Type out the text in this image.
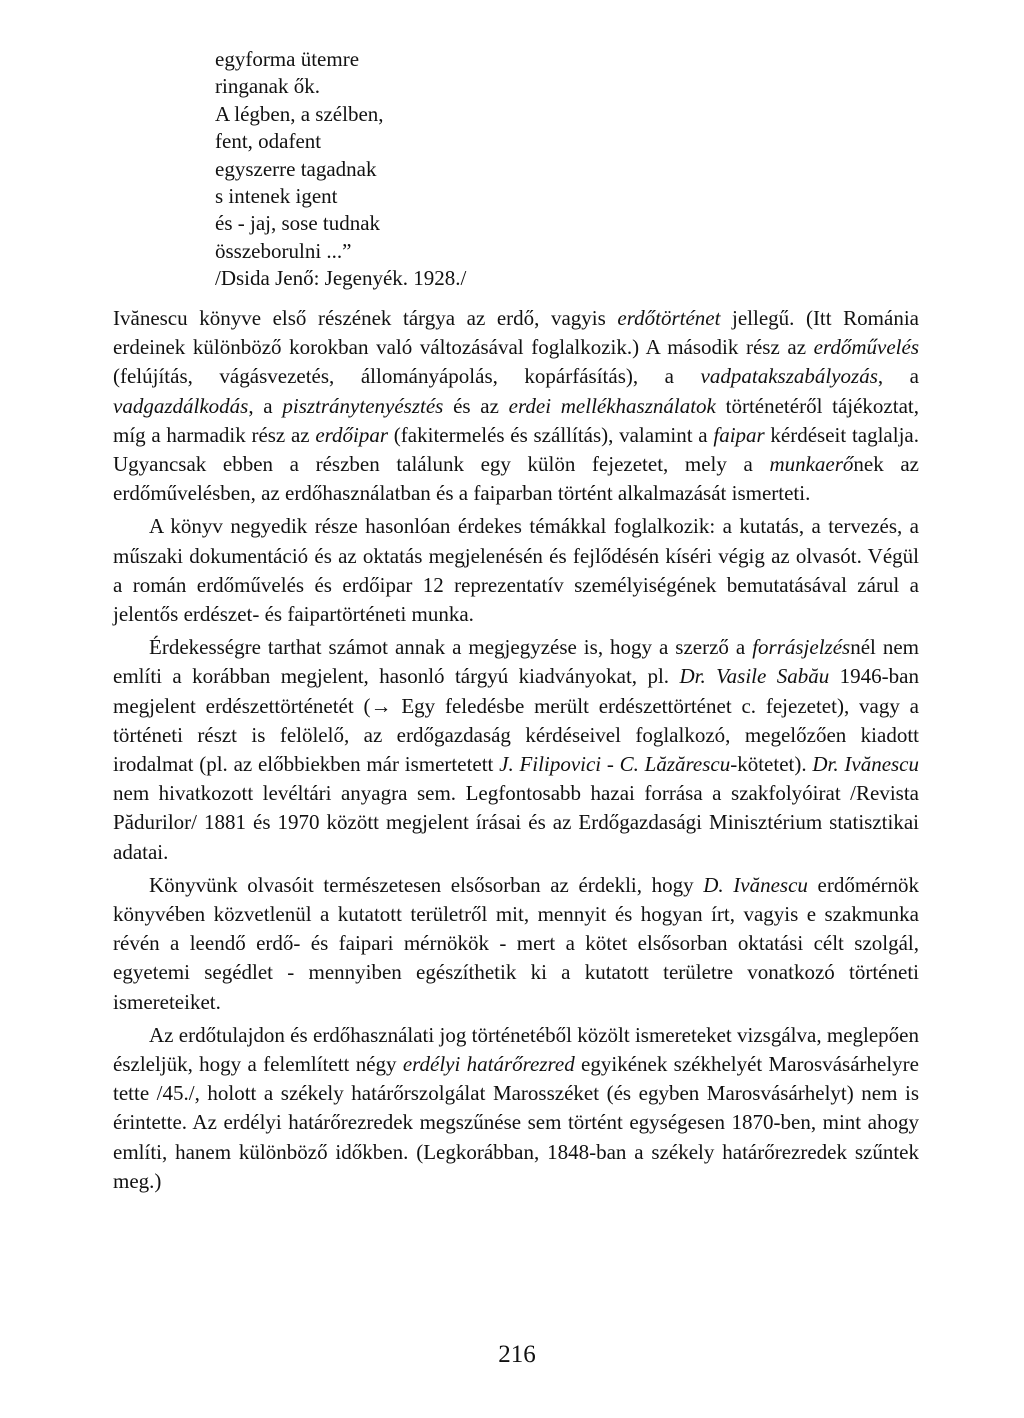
egyforma ütemre
ringanak ők.
A légben, a szélben,
fent, odafent
egyszerre tagadnak
s intenek igent
és - jaj, sose tudnak
összeborulni ...”
/Dsida Jenő: Jegenyék. 1928./

Ivănescu könyve első részének tárgya az erdő, vagyis erdőtörténet jellegű. (Itt Románia erdeinek különböző korokban való változásával foglalkozik.) A második rész az erdőművelés (felújítás, vágásvezetés, állományápolás, kopárfásítás), a vadpatakszabályozás, a vadgazdálkodás, a pisztránytenyésztés és az erdei mellékhasználatok történetéről tájékoztat, míg a harmadik rész az erdőipar (fakitermelés és szállítás), valamint a faipar kérdéseit taglalja. Ugyancsak ebben a részben találunk egy külön fejezetet, mely a munkaerőnek az erdőművelésben, az erdőhasználatban és a faiparban történt alkalmazását ismerteti.

A könyv negyedik része hasonlóan érdekes témákkal foglalkozik: a kutatás, a tervezés, a műszaki dokumentáció és az oktatás megjelenésén és fejlődésén kíséri végig az olvasót. Végül a román erdőművelés és erdőipar 12 reprezentatív személyiségének bemutatásával zárul a jelentős erdészet- és faipartörténeti munka.

Érdekességre tarthat számot annak a megjegyzése is, hogy a szerző a forrásjelzésnél nem említi a korábban megjelent, hasonló tárgyú kiadványokat, pl. Dr. Vasile Sabău 1946-ban megjelent erdészettörténetét (→ Egy feledésbe merült erdészettörténet c. fejezetet), vagy a történeti részt is felölelő, az erdőgazdaság kérdéseivel foglalkozó, megelőzően kiadott irodalmat (pl. az előbbiekben már ismertetett J. Filipovici - C. Lăzărescu-kötetet). Dr. Ivănescu nem hivatkozott levéltári anyagra sem. Legfontosabb hazai forrása a szakfolyóirat /Revista Pădurilor/ 1881 és 1970 között megjelent írásai és az Erdőgazdasági Minisztérium statisztikai adatai.

Könyvünk olvasóit természetesen elsősorban az érdekli, hogy D. Ivănescu erdőmérnök könyvében közvetlenül a kutatott területről mit, mennyit és hogyan írt, vagyis e szakmunka révén a leendő erdő- és faipari mérnökök - mert a kötet elsősorban oktatási célt szolgál, egyetemi segédlet - mennyiben egészíthetik ki a kutatott területre vonatkozó történeti ismereteiket.

Az erdőtulajdon és erdőhasználati jog történetéből közölt ismereteket vizsgálva, meglepően észleljük, hogy a felemlített négy erdélyi határőrezred egyikének székhelyét Marosvásárhelyre tette /45./, holott a székely határőrszolgálat Marosszéket (és egyben Marosvásárhelyt) nem is érintette. Az erdélyi határőrezredek megszűnése sem történt egységesen 1870-ben, mint ahogy említi, hanem különböző időkben. (Legkorábban, 1848-ban a székely határőrezredek szűntek meg.)

216
